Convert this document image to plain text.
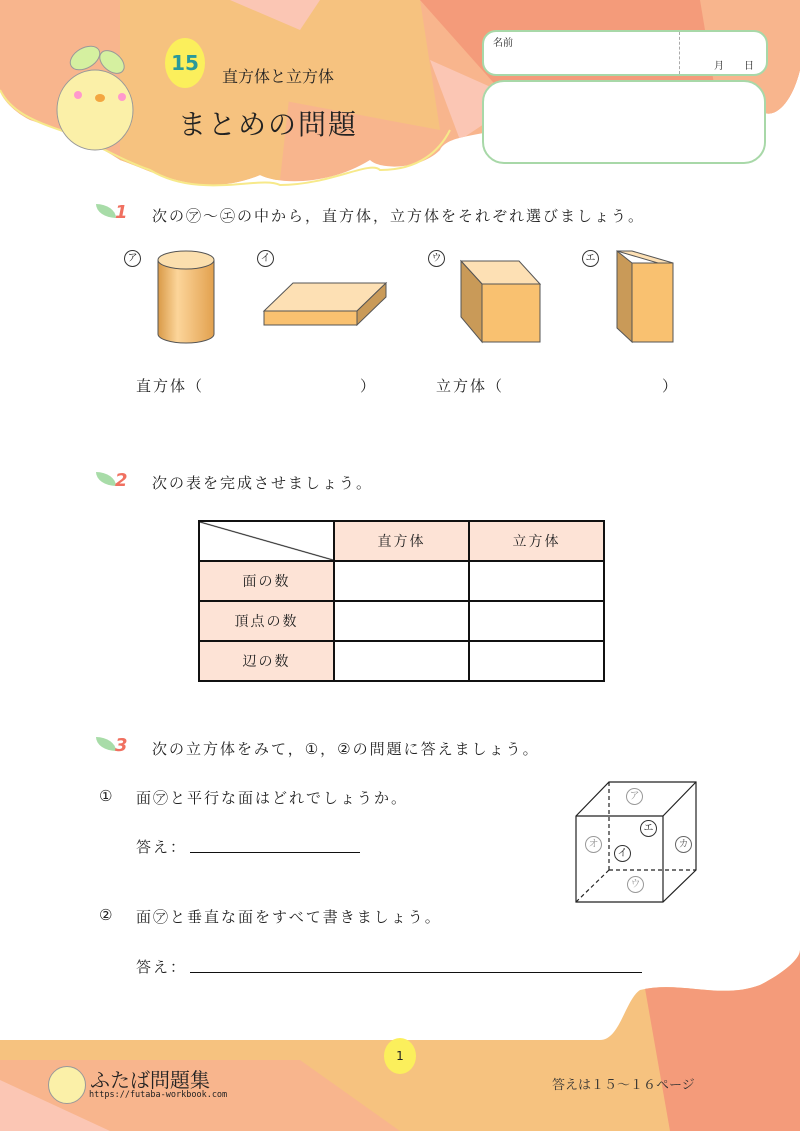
15
直方体と立方体
まとめの問題
名前
月 日
1 次の㋐〜㋓の中から，直方体，立方体をそれぞれ選びましょう。
ア	イ	ウ	エ
直方体（	）	立方体（	）
2 次の表を完成させましょう。
	直方体	立方体
面の数		
頂点の数		
辺の数		
3 次の立方体をみて，①，②の問題に答えましょう。
① 面㋐と平行な面はどれでしょうか。
答え：
② 面㋐と垂直な面をすべて書きましょう。
答え：
ア
イ
ウ
エ
オ	カ
1
ふたば問題集
https://futaba-workbook.com
答えは１５〜１６ページ
